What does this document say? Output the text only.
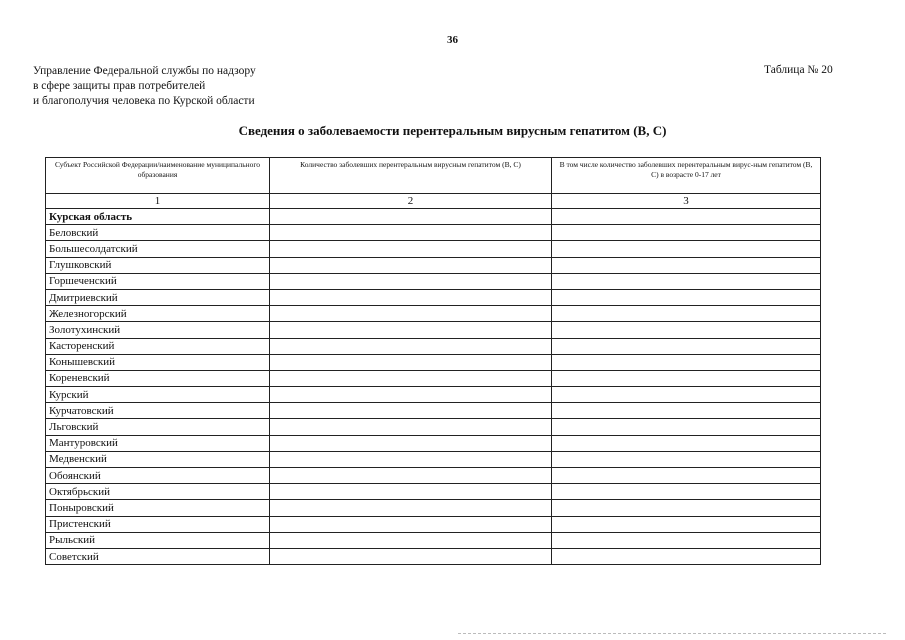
36
Управление Федеральной службы по надзору
в сфере защиты прав потребителей
и благополучия человека по Курской области
Таблица № 20
Сведения о заболеваемости перентеральным вирусным гепатитом (В, С)
Субъект Российской Федерации/наименование муниципального образования	Количество заболевших перентеральным вирусным гепатитом (В, С)	В том числе количество заболевших перентеральным вирус-ным гепатитом (В, С) в возрасте 0-17 лет
1	2	3
Курская область		
Беловский		
Большесолдатский		
Глушковский		
Горшеченский		
Дмитриевский		
Железногорский		
Золотухинский		
Касторенский		
Конышевский		
Кореневский		
Курский		
Курчатовский		
Льговский		
Мантуровский		
Медвенский		
Обоянский		
Октябрьский		
Поныровский		
Пристенский		
Рыльский		
Советский		
